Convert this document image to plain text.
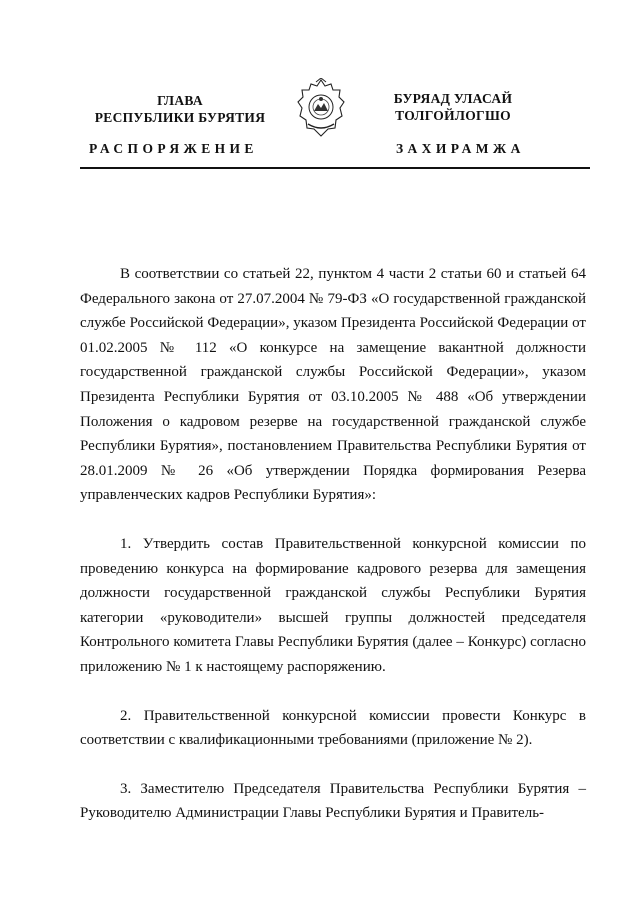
ГЛАВА
РЕСПУБЛИКИ БУРЯТИЯ
БУРЯАД УЛАСАЙ
ТОЛГОЙЛОГШО
РАСПОРЯЖЕНИЕ	ЗАХИРАМЖА

В соответствии со статьей 22, пунктом 4 части 2 статьи 60 и статьей 64 Федерального закона от 27.07.2004 № 79-ФЗ «О государственной гражданской службе Российской Федерации», указом Президента Российской Федерации от 01.02.2005 № 112 «О конкурсе на замещение вакантной должности государственной гражданской службы Российской Федерации», указом Президента Республики Бурятия от 03.10.2005 № 488 «Об утверждении Положения о кадровом резерве на государственной гражданской службе Республики Бурятия», постановлением Правительства Республики Бурятия от 28.01.2009 № 26 «Об утверждении Порядка формирования Резерва управленческих кадров Республики Бурятия»:

1. Утвердить состав Правительственной конкурсной комиссии по проведению конкурса на формирование кадрового резерва для замещения должности государственной гражданской службы Республики Бурятия категории «руководители» высшей группы должностей председателя Контрольного комитета Главы Республики Бурятия (далее – Конкурс) согласно приложению № 1 к настоящему распоряжению.

2. Правительственной конкурсной комиссии провести Конкурс в соответствии с квалификационными требованиями (приложение № 2).

3. Заместителю Председателя Правительства Республики Бурятия – Руководителю Администрации Главы Республики Бурятия и Правитель-
